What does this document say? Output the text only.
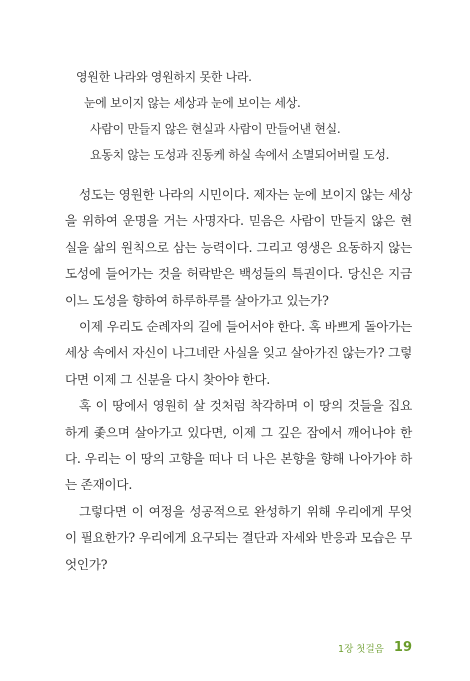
영원한 나라와 영원하지 못한 나라.
눈에 보이지 않는 세상과 눈에 보이는 세상.
사람이 만들지 않은 현실과 사람이 만들어낸 현실.
요동치 않는 도성과 진동케 하실 속에서 소멸되어버릴 도성.

성도는 영원한 나라의 시민이다. 제자는 눈에 보이지 않는 세상을 위하여 운명을 거는 사명자다. 믿음은 사람이 만들지 않은 현실을 삶의 원칙으로 삼는 능력이다. 그리고 영생은 요동하지 않는 도성에 들어가는 것을 허락받은 백성들의 특권이다. 당신은 지금 이느 도성을 향하여 하루하루를 살아가고 있는가?

이제 우리도 순례자의 길에 들어서야 한다. 혹 바쁘게 돌아가는 세상 속에서 자신이 나그네란 사실을 잊고 살아가진 않는가? 그렇다면 이제 그 신분을 다시 찾아야 한다.

혹 이 땅에서 영원히 살 것처럼 착각하며 이 땅의 것들을 집요하게 좇으며 살아가고 있다면, 이제 그 깊은 잠에서 깨어나야 한다. 우리는 이 땅의 고향을 떠나 더 나은 본향을 향해 나아가야 하는 존재이다.

그렇다면 이 여정을 성공적으로 완성하기 위해 우리에게 무엇이 필요한가? 우리에게 요구되는 결단과 자세와 반응과 모습은 무엇인가?

1장 첫걸음 19
